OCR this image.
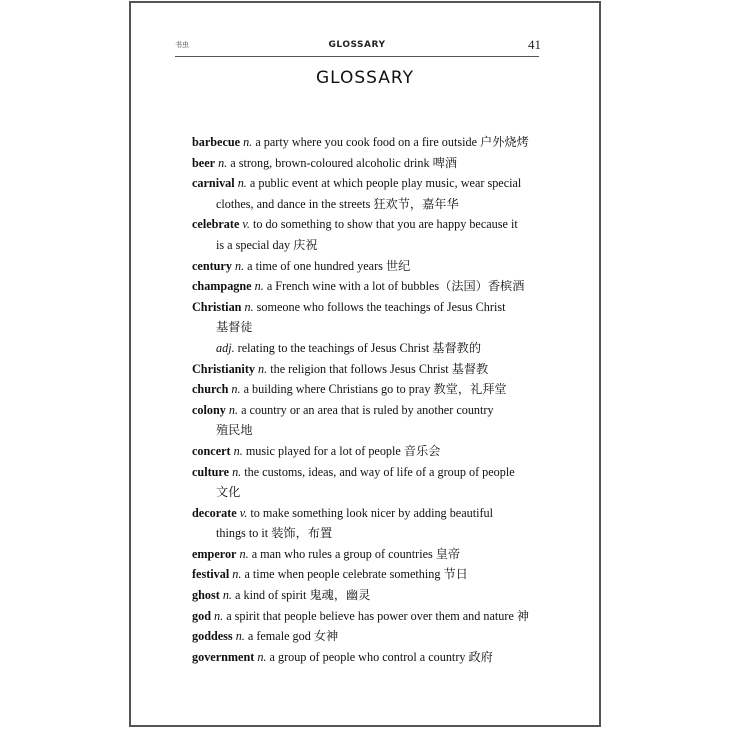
书虫	GLOSSARY	41
GLOSSARY
barbecue n. a party where you cook food on a fire outside 户外烧烤
beer n. a strong, brown-coloured alcoholic drink 啤酒
carnival n. a public event at which people play music, wear special
clothes, and dance in the streets 狂欢节，嘉年华
celebrate v. to do something to show that you are happy because it
is a special day 庆祝
century n. a time of one hundred years 世纪
champagne n. a French wine with a lot of bubbles（法国）香槟酒
Christian n. someone who follows the teachings of Jesus Christ
基督徒
adj. relating to the teachings of Jesus Christ 基督教的
Christianity n. the religion that follows Jesus Christ 基督教
church n. a building where Christians go to pray 教堂，礼拜堂
colony n. a country or an area that is ruled by another country
殖民地
concert n. music played for a lot of people 音乐会
culture n. the customs, ideas, and way of life of a group of people
文化
decorate v. to make something look nicer by adding beautiful
things to it 装饰，布置
emperor n. a man who rules a group of countries 皇帝
festival n. a time when people celebrate something 节日
ghost n. a kind of spirit 鬼魂，幽灵
god n. a spirit that people believe has power over them and nature 神
goddess n. a female god 女神
government n. a group of people who control a country 政府
